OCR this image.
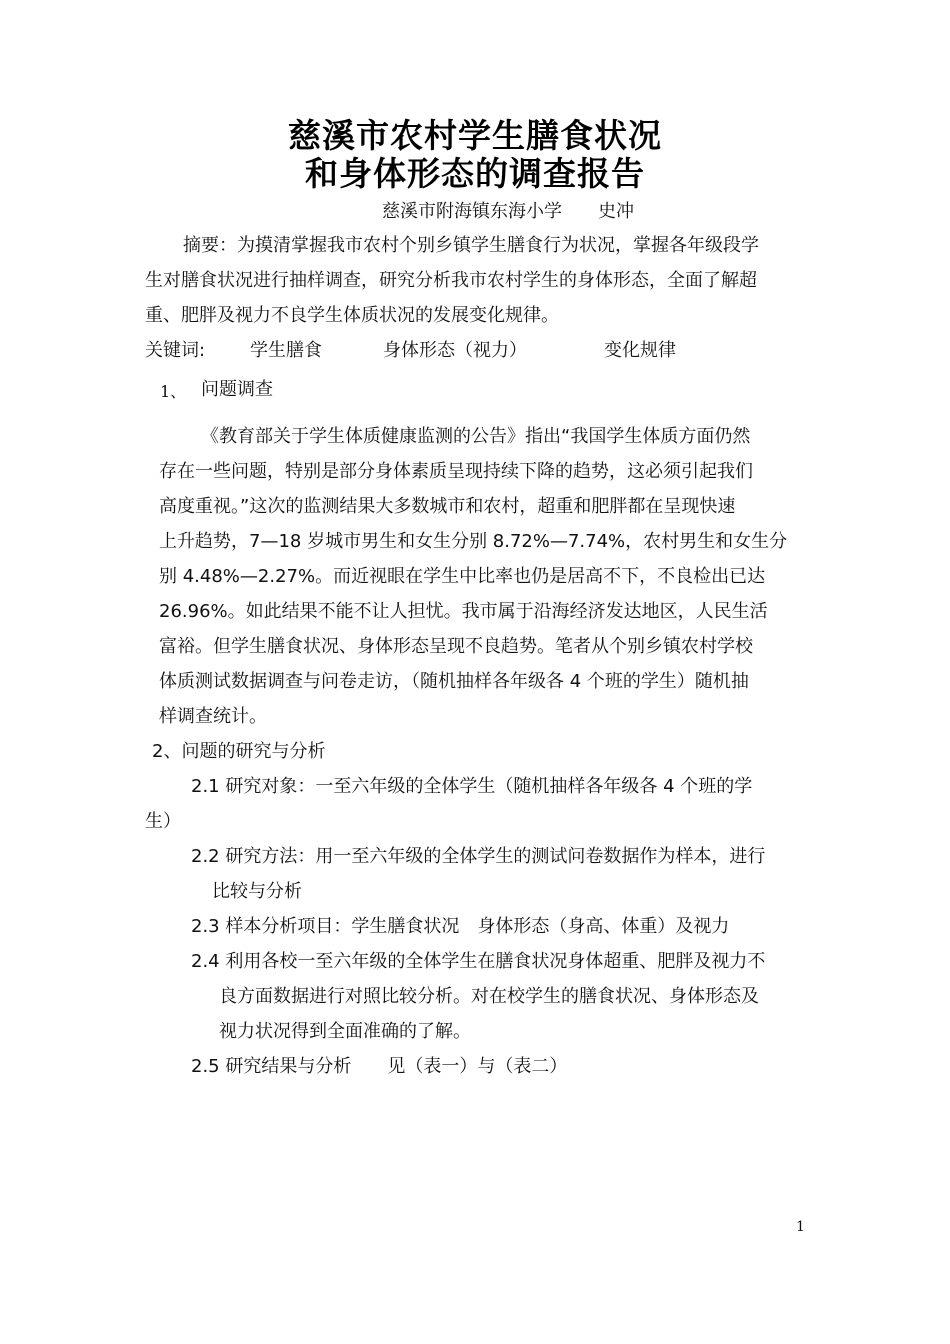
慈溪市农村学生膳食状况
和身体形态的调查报告
慈溪市附海镇东海小学　　史冲
摘要：为摸清掌握我市农村个别乡镇学生膳食行为状况，掌握各年级段学
生对膳食状况进行抽样调查，研究分析我市农村学生的身体形态，全面了解超
重、肥胖及视力不良学生体质状况的发展变化规律。
关键词: 学生膳食	身体形态（视力）	变化规律
1、 问题调查
《教育部关于学生体质健康监测的公告》指出“我国学生体质方面仍然
存在一些问题，特别是部分身体素质呈现持续下降的趋势，这必须引起我们
高度重视。”这次的监测结果大多数城市和农村，超重和肥胖都在呈现快速
上升趋势，7—18 岁城市男生和女生分别 8.72%—7.74%，农村男生和女生分
别 4.48%—2.27%。而近视眼在学生中比率也仍是居高不下，不良检出已达
26.96%。如此结果不能不让人担忧。我市属于沿海经济发达地区，人民生活
富裕。但学生膳食状况、身体形态呈现不良趋势。笔者从个别乡镇农村学校
体质测试数据调查与问卷走访，（随机抽样各年级各 4 个班的学生）随机抽
样调查统计。
2、问题的研究与分析
2.1 研究对象：一至六年级的全体学生（随机抽样各年级各 4 个班的学
生）
2.2 研究方法：用一至六年级的全体学生的测试问卷数据作为样本，进行
比较与分析
2.3 样本分析项目：学生膳食状况　身体形态（身高、体重）及视力
2.4 利用各校一至六年级的全体学生在膳食状况身体超重、肥胖及视力不
良方面数据进行对照比较分析。对在校学生的膳食状况、身体形态及
视力状况得到全面准确的了解。
2.5 研究结果与分析　　见（表一）与（表二）
1
